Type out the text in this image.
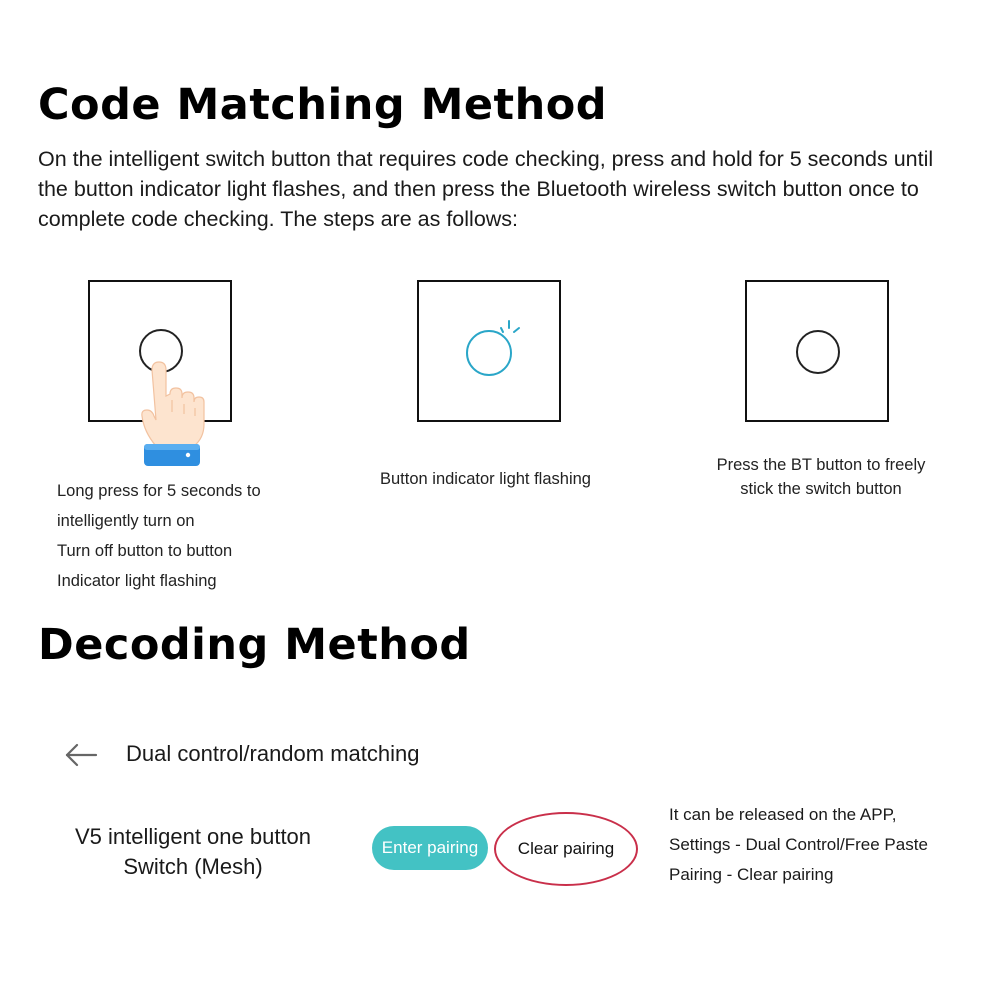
Code Matching Method

On the intelligent switch button that requires code checking, press and hold for 5 seconds until the button indicator light flashes, and then press the Bluetooth wireless switch button once to complete code checking. The steps are as follows:

Long press for 5 seconds to
intelligently turn on
Turn off button to button
Indicator light flashing

Button indicator light flashing

Press the BT button to freely
stick the switch button

Decoding Method

Dual control/random matching

V5 intelligent one button
Switch (Mesh)

Enter pairing	Clear pairing

It can be released on the APP,
Settings - Dual Control/Free Paste
Pairing - Clear pairing
